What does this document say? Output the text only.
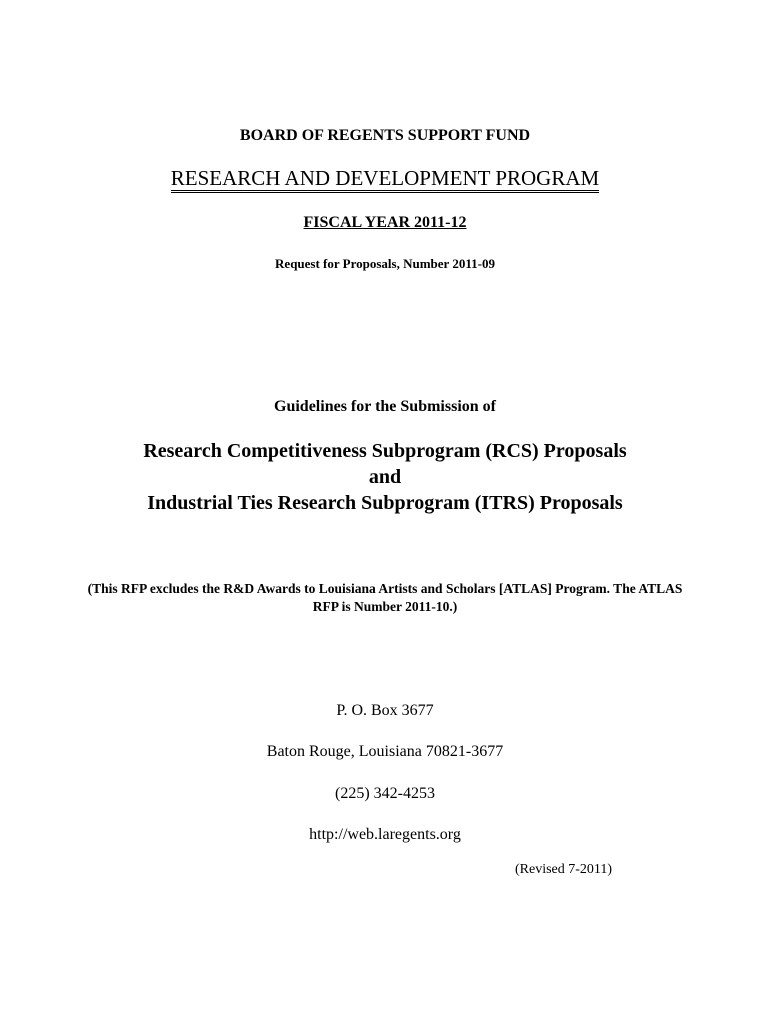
BOARD OF REGENTS SUPPORT FUND
RESEARCH AND DEVELOPMENT PROGRAM
FISCAL YEAR 2011-12
Request for Proposals, Number 2011-09
Guidelines for the Submission of
Research Competitiveness Subprogram (RCS) Proposals
and
Industrial Ties Research Subprogram (ITRS) Proposals
(This RFP excludes the R&D Awards to Louisiana Artists and Scholars [ATLAS] Program. The ATLAS
RFP is Number 2011-10.)
P. O. Box 3677
Baton Rouge, Louisiana 70821-3677
(225) 342-4253
http://web.laregents.org
(Revised 7-2011)
